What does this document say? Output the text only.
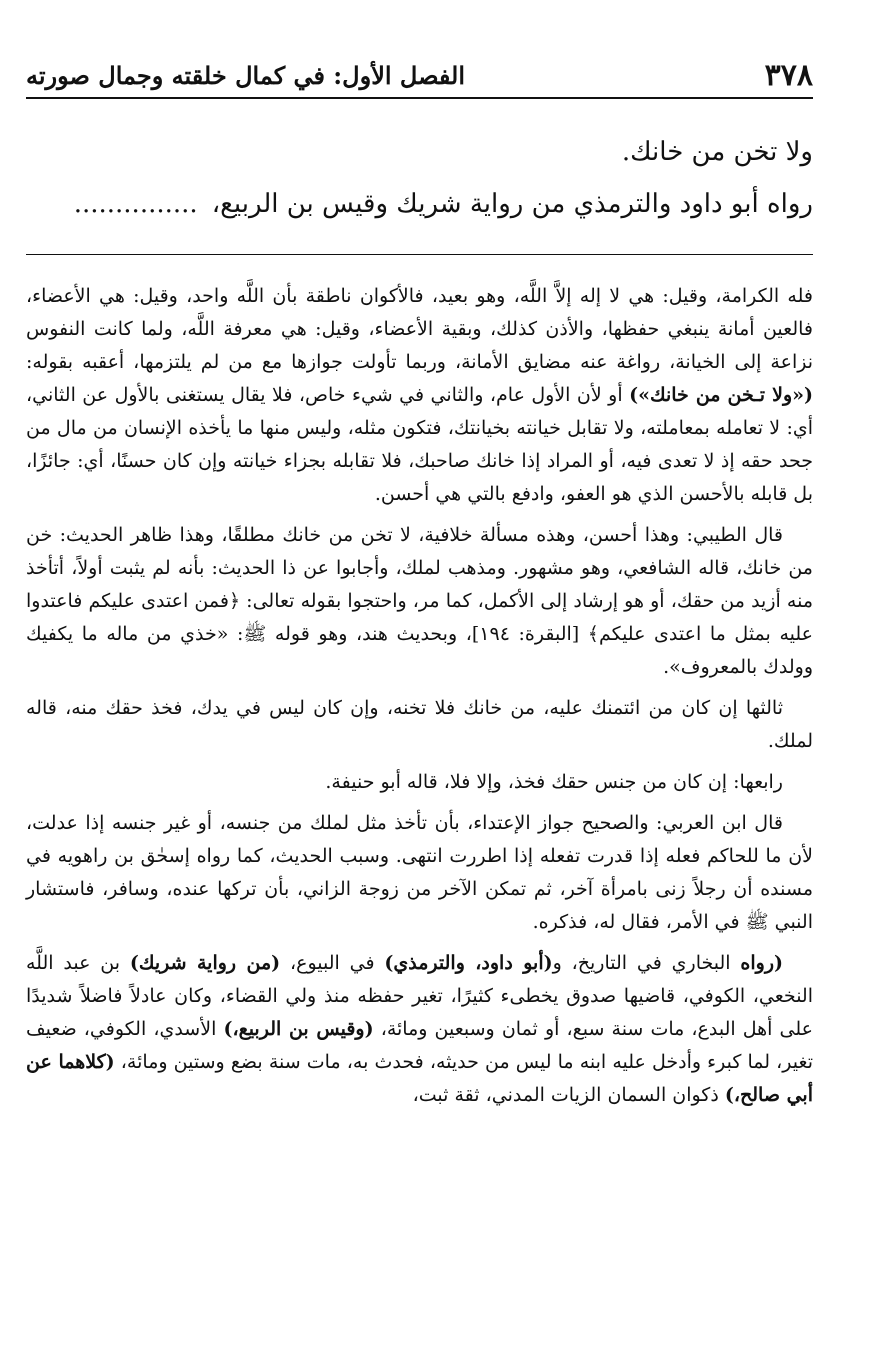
٣٧٨
الفصل الأول: في كمال خلقته وجمال صورته
ولا تخن من خانك.
رواه أبو داود والترمذي من رواية شريك وقيس بن الربيع،...............

فله الكرامة، وقيل: هي لا إله إلاَّ اللَّه، وهو بعيد، فالأكوان ناطقة بأن اللَّه واحد، وقيل: هي الأعضاء، فالعين أمانة ينبغي حفظها، والأذن كذلك، وبقية الأعضاء، وقيل: هي معرفة اللَّه، ولما كانت النفوس نزاعة إلى الخيانة، رواغة عنه مضايق الأمانة، وربما تأولت جوازها مع من لم يلتزمها، أعقبه بقوله: («ولا تـخن من خانك») أو لأن الأول عام، والثاني في شيء خاص، فلا يقال يستغنى بالأول عن الثاني، أي: لا تعامله بمعاملته، ولا تقابل خيانته بخيانتك، فتكون مثله، وليس منها ما يأخذه الإنسان من مال من جحد حقه إذ لا تعدى فيه، أو المراد إذا خانك صاحبك، فلا تقابله بجزاء خيانته وإن كان حسنًا، أي: جائزًا، بل قابله بالأحسن الذي هو العفو، وادفع بالتي هي أحسن.

قال الطيبي: وهذا أحسن، وهذه مسألة خلافية، لا تخن من خانك مطلقًا، وهذا ظاهر الحديث: خن من خانك، قاله الشافعي، وهو مشهور. ومذهب لملك، وأجابوا عن ذا الحديث: بأنه لم يثبت أولاً، أتأخذ منه أزيد من حقك، أو هو إرشاد إلى الأكمل، كما مر، واحتجوا بقوله تعالى: ﴿فمن اعتدى عليكم فاعتدوا عليه بمثل ما اعتدى عليكم﴾ [البقرة: ١٩٤]، وبحديث هند، وهو قوله ﷺ: «خذي من ماله ما يكفيك وولدك بالمعروف».

ثالثها إن كان من ائتمنك عليه، من خانك فلا تخنه، وإن كان ليس في يدك، فخذ حقك منه، قاله لملك.

رابعها: إن كان من جنس حقك فخذ، وإلا فلا، قاله أبو حنيفة.

قال ابن العربي: والصحيح جواز الإعتداء، بأن تأخذ مثل لملك من جنسه، أو غير جنسه إذا عدلت، لأن ما للحاكم فعله إذا قدرت تفعله إذا اطررت انتهى. وسبب الحديث، كما رواه إسحٰق بن راهويه في مسنده أن رجلاً زنى بامرأة آخر، ثم تمكن الآخر من زوجة الزاني، بأن تركها عنده، وسافر، فاستشار النبي ﷺ في الأمر، فقال له، فذكره.

(رواه البخاري في التاريخ، و(أبو داود، والترمذي) في البيوع، (من رواية شريك) بن عبد اللَّه النخعي، الكوفي، قاضيها صدوق يخطىء كثيرًا، تغير حفظه منذ ولي القضاء، وكان عادلاً فاضلاً شديدًا على أهل البدع، مات سنة سبع، أو ثمان وسبعين ومائة، (وقيس بن الربيع،) الأسدي، الكوفي، ضعيف تغير، لما كبرء وأدخل عليه ابنه ما ليس من حديثه، فحدث به، مات سنة بضع وستين ومائة، (كلاهما عن أبي صالح،) ذكوان السمان الزيات المدني، ثقة ثبت،
